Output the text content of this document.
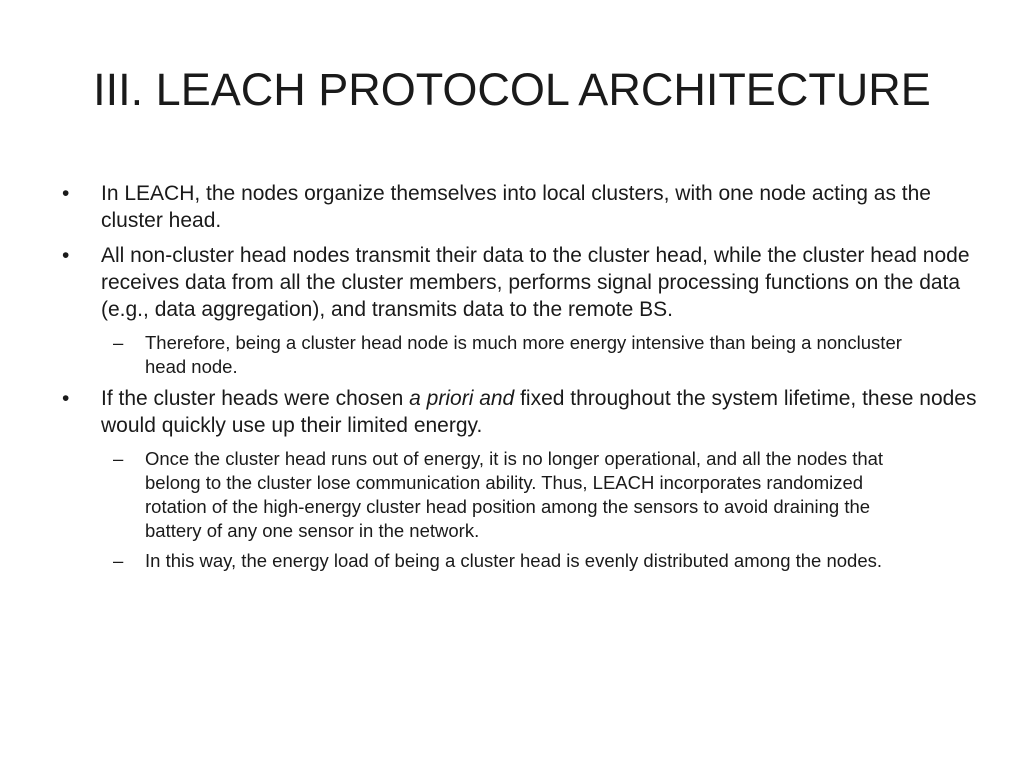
III. LEACH PROTOCOL ARCHITECTURE
• In LEACH, the nodes organize themselves into local clusters, with one node acting as the cluster head.
• All non-cluster head nodes transmit their data to the cluster head, while the cluster head node receives data from all the cluster members, performs signal processing functions on the data (e.g., data aggregation), and transmits data to the remote BS.
– Therefore, being a cluster head node is much more energy intensive than being a noncluster head node.
• If the cluster heads were chosen a priori and fixed throughout the system lifetime, these nodes would quickly use up their limited energy.
– Once the cluster head runs out of energy, it is no longer operational, and all the nodes that belong to the cluster lose communication ability. Thus, LEACH incorporates randomized rotation of the high-energy cluster head position among the sensors to avoid draining the battery of any one sensor in the network.
– In this way, the energy load of being a cluster head is evenly distributed among the nodes.
